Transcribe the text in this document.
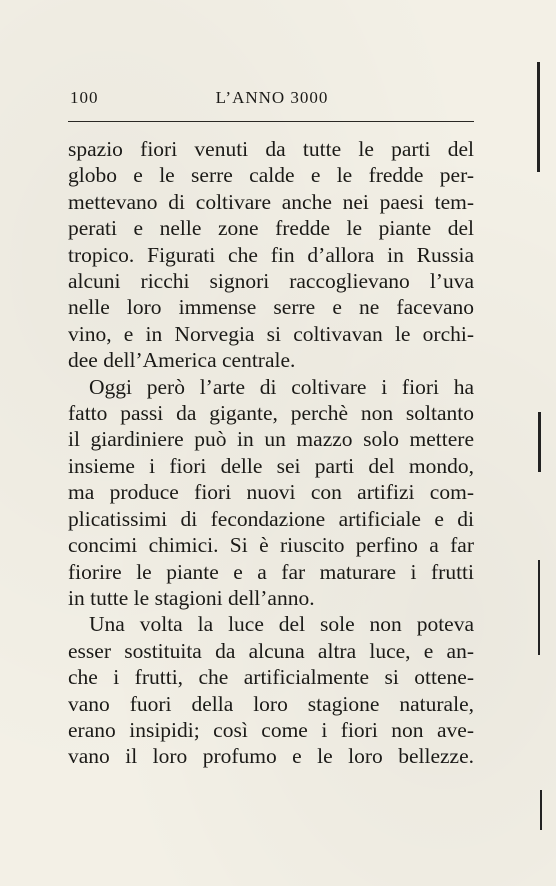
100	L’ANNO 3000
spazio fiori venuti da tutte le parti del
globo e le serre calde e le fredde per-
mettevano di coltivare anche nei paesi tem-
perati e nelle zone fredde le piante del
tropico. Figurati che fin d’allora in Russia
alcuni ricchi signori raccoglievano l’uva
nelle loro immense serre e ne facevano
vino, e in Norvegia si coltivavan le orchi-
dee dell’America centrale.
Oggi però l’arte di coltivare i fiori ha
fatto passi da gigante, perchè non soltanto
il giardiniere può in un mazzo solo mettere
insieme i fiori delle sei parti del mondo,
ma produce fiori nuovi con artifizi com-
plicatissimi di fecondazione artificiale e di
concimi chimici. Si è riuscito perfino a far
fiorire le piante e a far maturare i frutti
in tutte le stagioni dell’anno.
Una volta la luce del sole non poteva
esser sostituita da alcuna altra luce, e an-
che i frutti, che artificialmente si ottene-
vano fuori della loro stagione naturale,
erano insipidi; così come i fiori non ave-
vano il loro profumo e le loro bellezze.
